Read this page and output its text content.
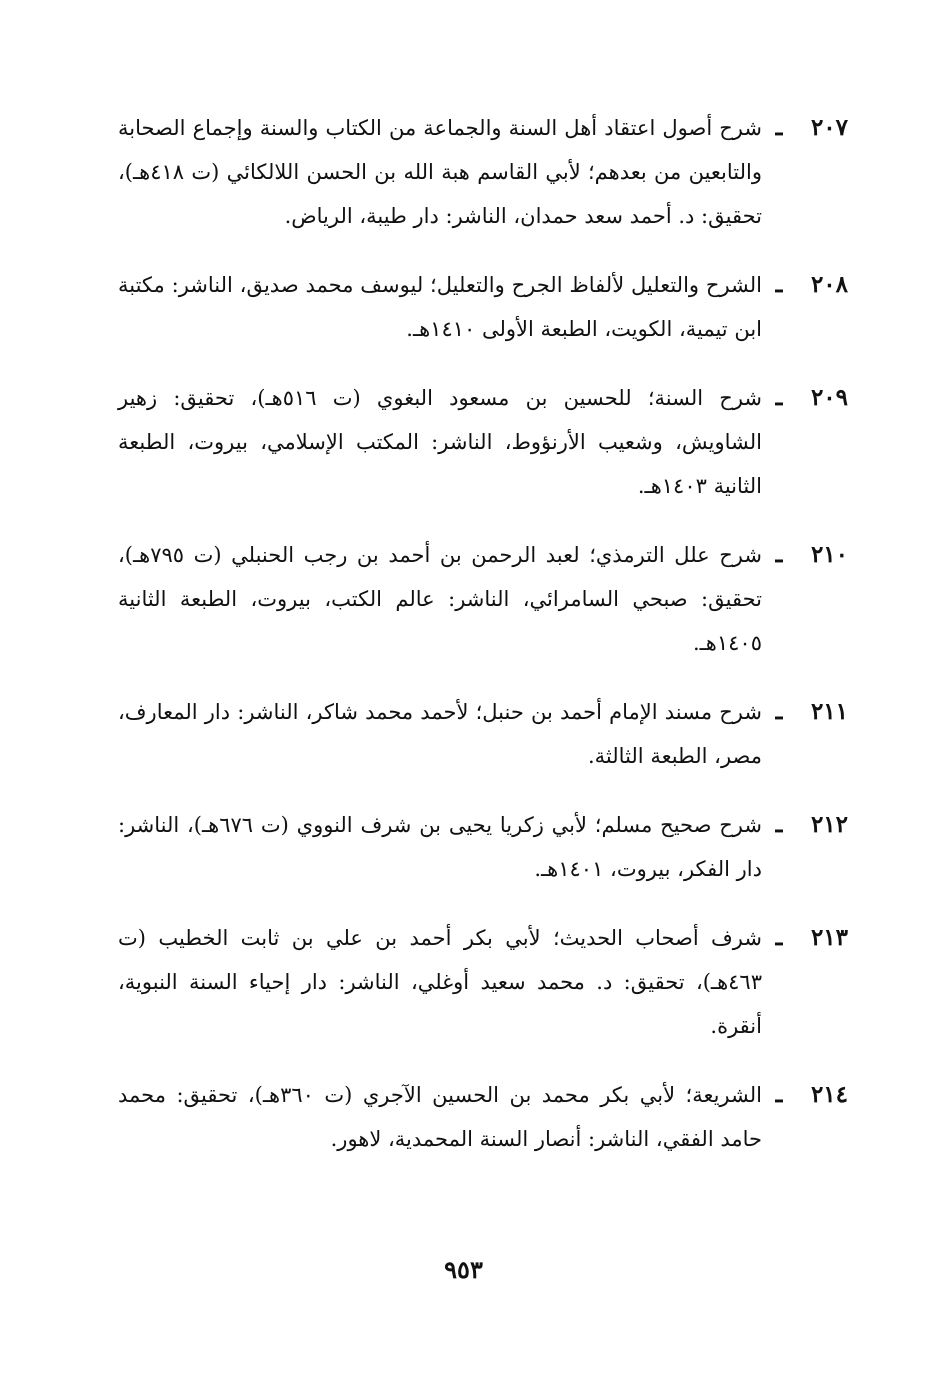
٢٠٧
ـ
شرح أصول اعتقاد أهل السنة والجماعة من الكتاب والسنة وإجماع الصحابة والتابعين من بعدهم؛ لأبي القاسم هبة الله بن الحسن اللالكائي (ت ٤١٨هـ)، تحقيق: د. أحمد سعد حمدان، الناشر: دار طيبة، الرياض.
٢٠٨
ـ
الشرح والتعليل لألفاظ الجرح والتعليل؛ ليوسف محمد صديق، الناشر: مكتبة ابن تيمية، الكويت، الطبعة الأولى ١٤١٠هـ.
٢٠٩
ـ
شرح السنة؛ للحسين بن مسعود البغوي (ت ٥١٦هـ)، تحقيق: زهير الشاويش، وشعيب الأرنؤوط، الناشر: المكتب الإسلامي، بيروت، الطبعة الثانية ١٤٠٣هـ.
٢١٠
ـ
شرح علل الترمذي؛ لعبد الرحمن بن أحمد بن رجب الحنبلي (ت ٧٩٥هـ)، تحقيق: صبحي السامرائي، الناشر: عالم الكتب، بيروت، الطبعة الثانية ١٤٠٥هـ.
٢١١
ـ
شرح مسند الإمام أحمد بن حنبل؛ لأحمد محمد شاكر، الناشر: دار المعارف، مصر، الطبعة الثالثة.
٢١٢
ـ
شرح صحيح مسلم؛ لأبي زكريا يحيى بن شرف النووي (ت ٦٧٦هـ)، الناشر: دار الفكر، بيروت، ١٤٠١هـ.
٢١٣
ـ
شرف أصحاب الحديث؛ لأبي بكر أحمد بن علي بن ثابت الخطيب (ت ٤٦٣هـ)، تحقيق: د. محمد سعيد أوغلي، الناشر: دار إحياء السنة النبوية، أنقرة.
٢١٤
ـ
الشريعة؛ لأبي بكر محمد بن الحسين الآجري (ت ٣٦٠هـ)، تحقيق: محمد حامد الفقي، الناشر: أنصار السنة المحمدية، لاهور.
٩٥٣
